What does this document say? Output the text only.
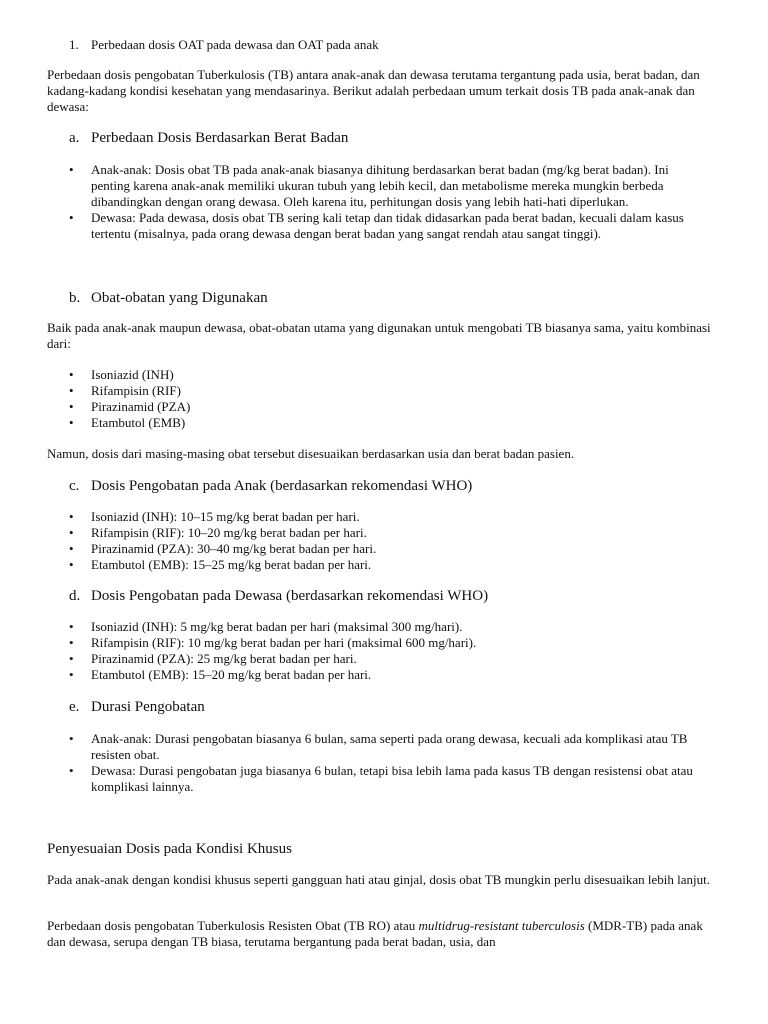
1. Perbedaan dosis OAT pada dewasa dan OAT pada anak

Perbedaan dosis pengobatan Tuberkulosis (TB) antara anak-anak dan dewasa terutama tergantung pada usia, berat badan, dan kadang-kadang kondisi kesehatan yang mendasarinya. Berikut adalah perbedaan umum terkait dosis TB pada anak-anak dan dewasa:

a. Perbedaan Dosis Berdasarkan Berat Badan
• Anak-anak: Dosis obat TB pada anak-anak biasanya dihitung berdasarkan berat badan (mg/kg berat badan). Ini penting karena anak-anak memiliki ukuran tubuh yang lebih kecil, dan metabolisme mereka mungkin berbeda dibandingkan dengan orang dewasa. Oleh karena itu, perhitungan dosis yang lebih hati-hati diperlukan.
• Dewasa: Pada dewasa, dosis obat TB sering kali tetap dan tidak didasarkan pada berat badan, kecuali dalam kasus tertentu (misalnya, pada orang dewasa dengan berat badan yang sangat rendah atau sangat tinggi).
b. Obat-obatan yang Digunakan

Baik pada anak-anak maupun dewasa, obat-obatan utama yang digunakan untuk mengobati TB biasanya sama, yaitu kombinasi dari:

• Isoniazid (INH)
• Rifampisin (RIF)
• Pirazinamid (PZA)
• Etambutol (EMB)

Namun, dosis dari masing-masing obat tersebut disesuaikan berdasarkan usia dan berat badan pasien.

c. Dosis Pengobatan pada Anak (berdasarkan rekomendasi WHO)
• Isoniazid (INH): 10–15 mg/kg berat badan per hari.
• Rifampisin (RIF): 10–20 mg/kg berat badan per hari.
• Pirazinamid (PZA): 30–40 mg/kg berat badan per hari.
• Etambutol (EMB): 15–25 mg/kg berat badan per hari.
d. Dosis Pengobatan pada Dewasa (berdasarkan rekomendasi WHO)
• Isoniazid (INH): 5 mg/kg berat badan per hari (maksimal 300 mg/hari).
• Rifampisin (RIF): 10 mg/kg berat badan per hari (maksimal 600 mg/hari).
• Pirazinamid (PZA): 25 mg/kg berat badan per hari.
• Etambutol (EMB): 15–20 mg/kg berat badan per hari.
e. Durasi Pengobatan
• Anak-anak: Durasi pengobatan biasanya 6 bulan, sama seperti pada orang dewasa, kecuali ada komplikasi atau TB resisten obat.
• Dewasa: Durasi pengobatan juga biasanya 6 bulan, tetapi bisa lebih lama pada kasus TB dengan resistensi obat atau komplikasi lainnya.
Penyesuaian Dosis pada Kondisi Khusus

Pada anak-anak dengan kondisi khusus seperti gangguan hati atau ginjal, dosis obat TB mungkin perlu disesuaikan lebih lanjut.

Perbedaan dosis pengobatan Tuberkulosis Resisten Obat (TB RO) atau multidrug-resistant tuberculosis (MDR-TB) pada anak dan dewasa, serupa dengan TB biasa, terutama bergantung pada berat badan, usia, dan
